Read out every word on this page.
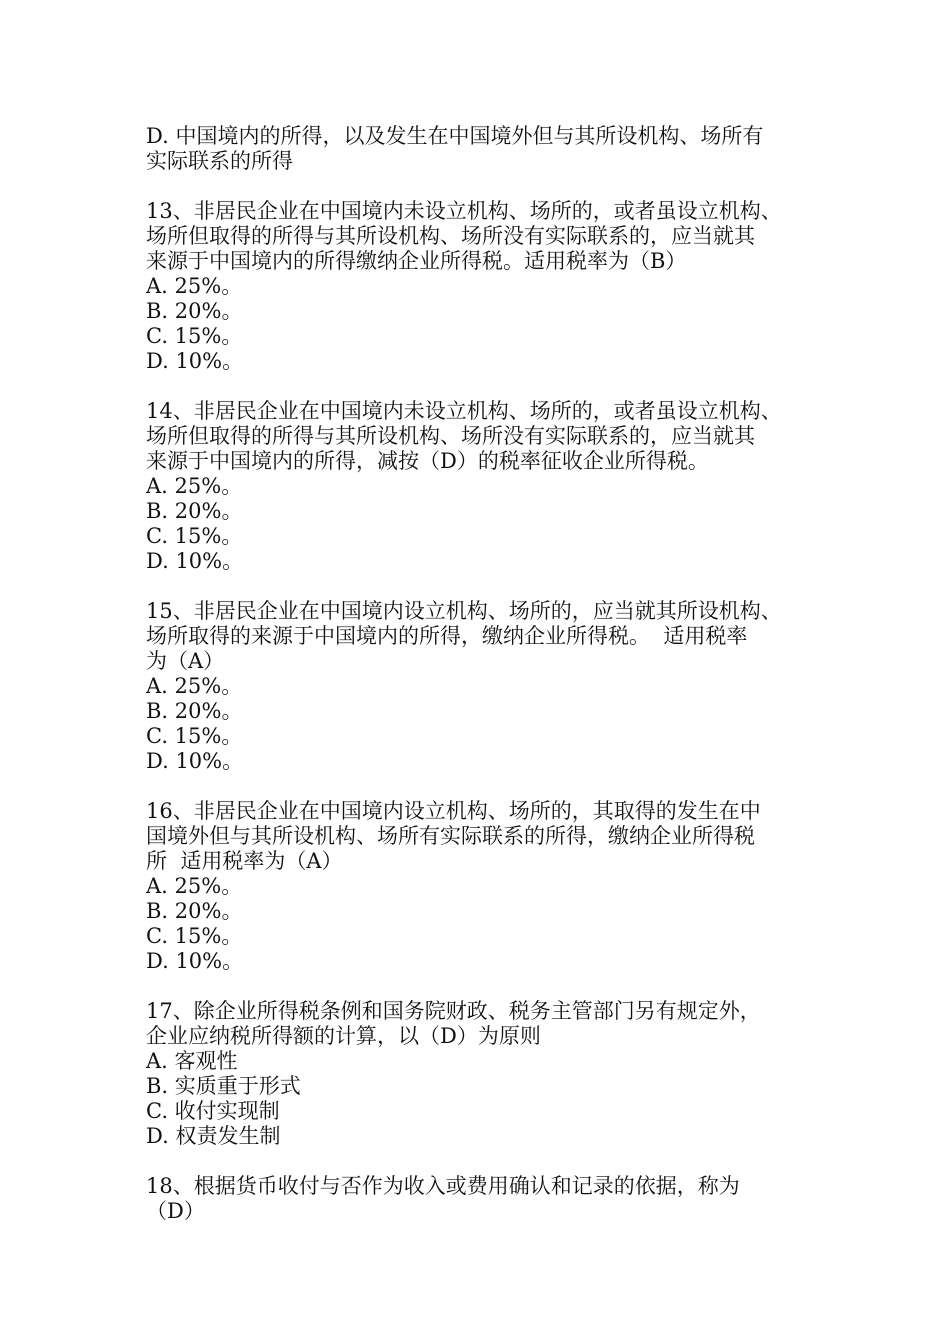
D. 中国境内的所得，以及发生在中国境外但与其所设机构、场所有
实际联系的所得
13、非居民企业在中国境内未设立机构、场所的，或者虽设立机构、
场所但取得的所得与其所设机构、场所没有实际联系的，应当就其
来源于中国境内的所得缴纳企业所得税。适用税率为（B）
A. 25%。
B. 20%。
C. 15%。
D. 10%。
14、非居民企业在中国境内未设立机构、场所的，或者虽设立机构、
场所但取得的所得与其所设机构、场所没有实际联系的，应当就其
来源于中国境内的所得，减按（D）的税率征收企业所得税。
A. 25%。
B. 20%。
C. 15%。
D. 10%。
15、非居民企业在中国境内设立机构、场所的，应当就其所设机构、
场所取得的来源于中国境内的所得，缴纳企业所得税。  适用税率
为（A）
A. 25%。
B. 20%。
C. 15%。
D. 10%。
16、非居民企业在中国境内设立机构、场所的，其取得的发生在中
国境外但与其所设机构、场所有实际联系的所得，缴纳企业所得税
所  适用税率为（A）
A. 25%。
B. 20%。
C. 15%。
D. 10%。
17、除企业所得税条例和国务院财政、税务主管部门另有规定外，
企业应纳税所得额的计算，以（D）为原则
A. 客观性
B. 实质重于形式
C. 收付实现制
D. 权责发生制
18、根据货币收付与否作为收入或费用确认和记录的依据，称为
（D）
